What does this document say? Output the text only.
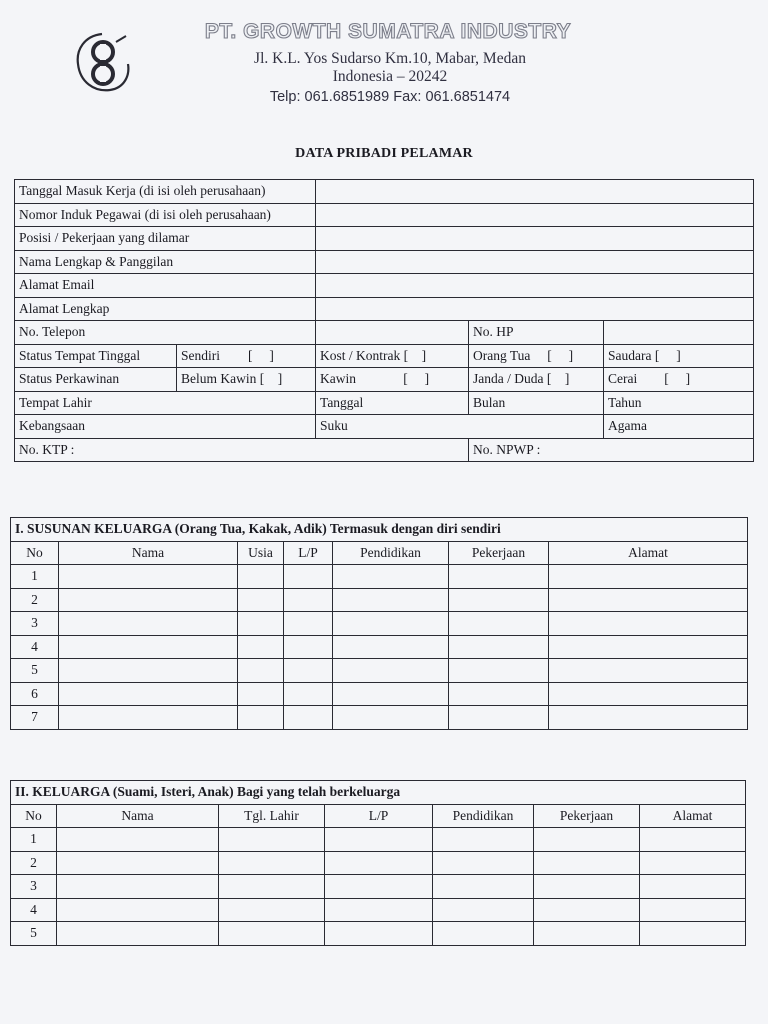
PT. GROWTH SUMATRA INDUSTRY
Jl. K.L. Yos Sudarso Km.10, Mabar, Medan
Indonesia – 20242
Telp: 061.6851989 Fax: 061.6851474
DATA PRIBADI PELAMAR
Tanggal Masuk Kerja (di isi oleh perusahaan)				
Nomor Induk Pegawai (di isi oleh perusahaan)				
Posisi / Pekerjaan yang dilamar				
Nama Lengkap & Panggilan				
Alamat Email				
Alamat Lengkap				
No. Telepon			No. HP	
Status Tempat Tinggal	Sendiri [ ]	Kost / Kontrak [ ]	Orang Tua [ ]	Saudara [ ]
Status Perkawinan	Belum Kawin [ ]	Kawin [ ]	Janda / Duda [ ]	Cerai [ ]
Tempat Lahir		Tanggal	Bulan	Tahun
Kebangsaan		Suku		Agama
No. KTP :			No. NPWP :	
I. SUSUNAN KELUARGA (Orang Tua, Kakak, Adik) Termasuk dengan diri sendiri						
No	Nama	Usia	L/P	Pendidikan	Pekerjaan	Alamat
1						
2						
3						
4						
5						
6						
7						
II. KELUARGA (Suami, Isteri, Anak) Bagi yang telah berkeluarga						
No	Nama	Tgl. Lahir	L/P	Pendidikan	Pekerjaan	Alamat
1						
2						
3						
4						
5						
